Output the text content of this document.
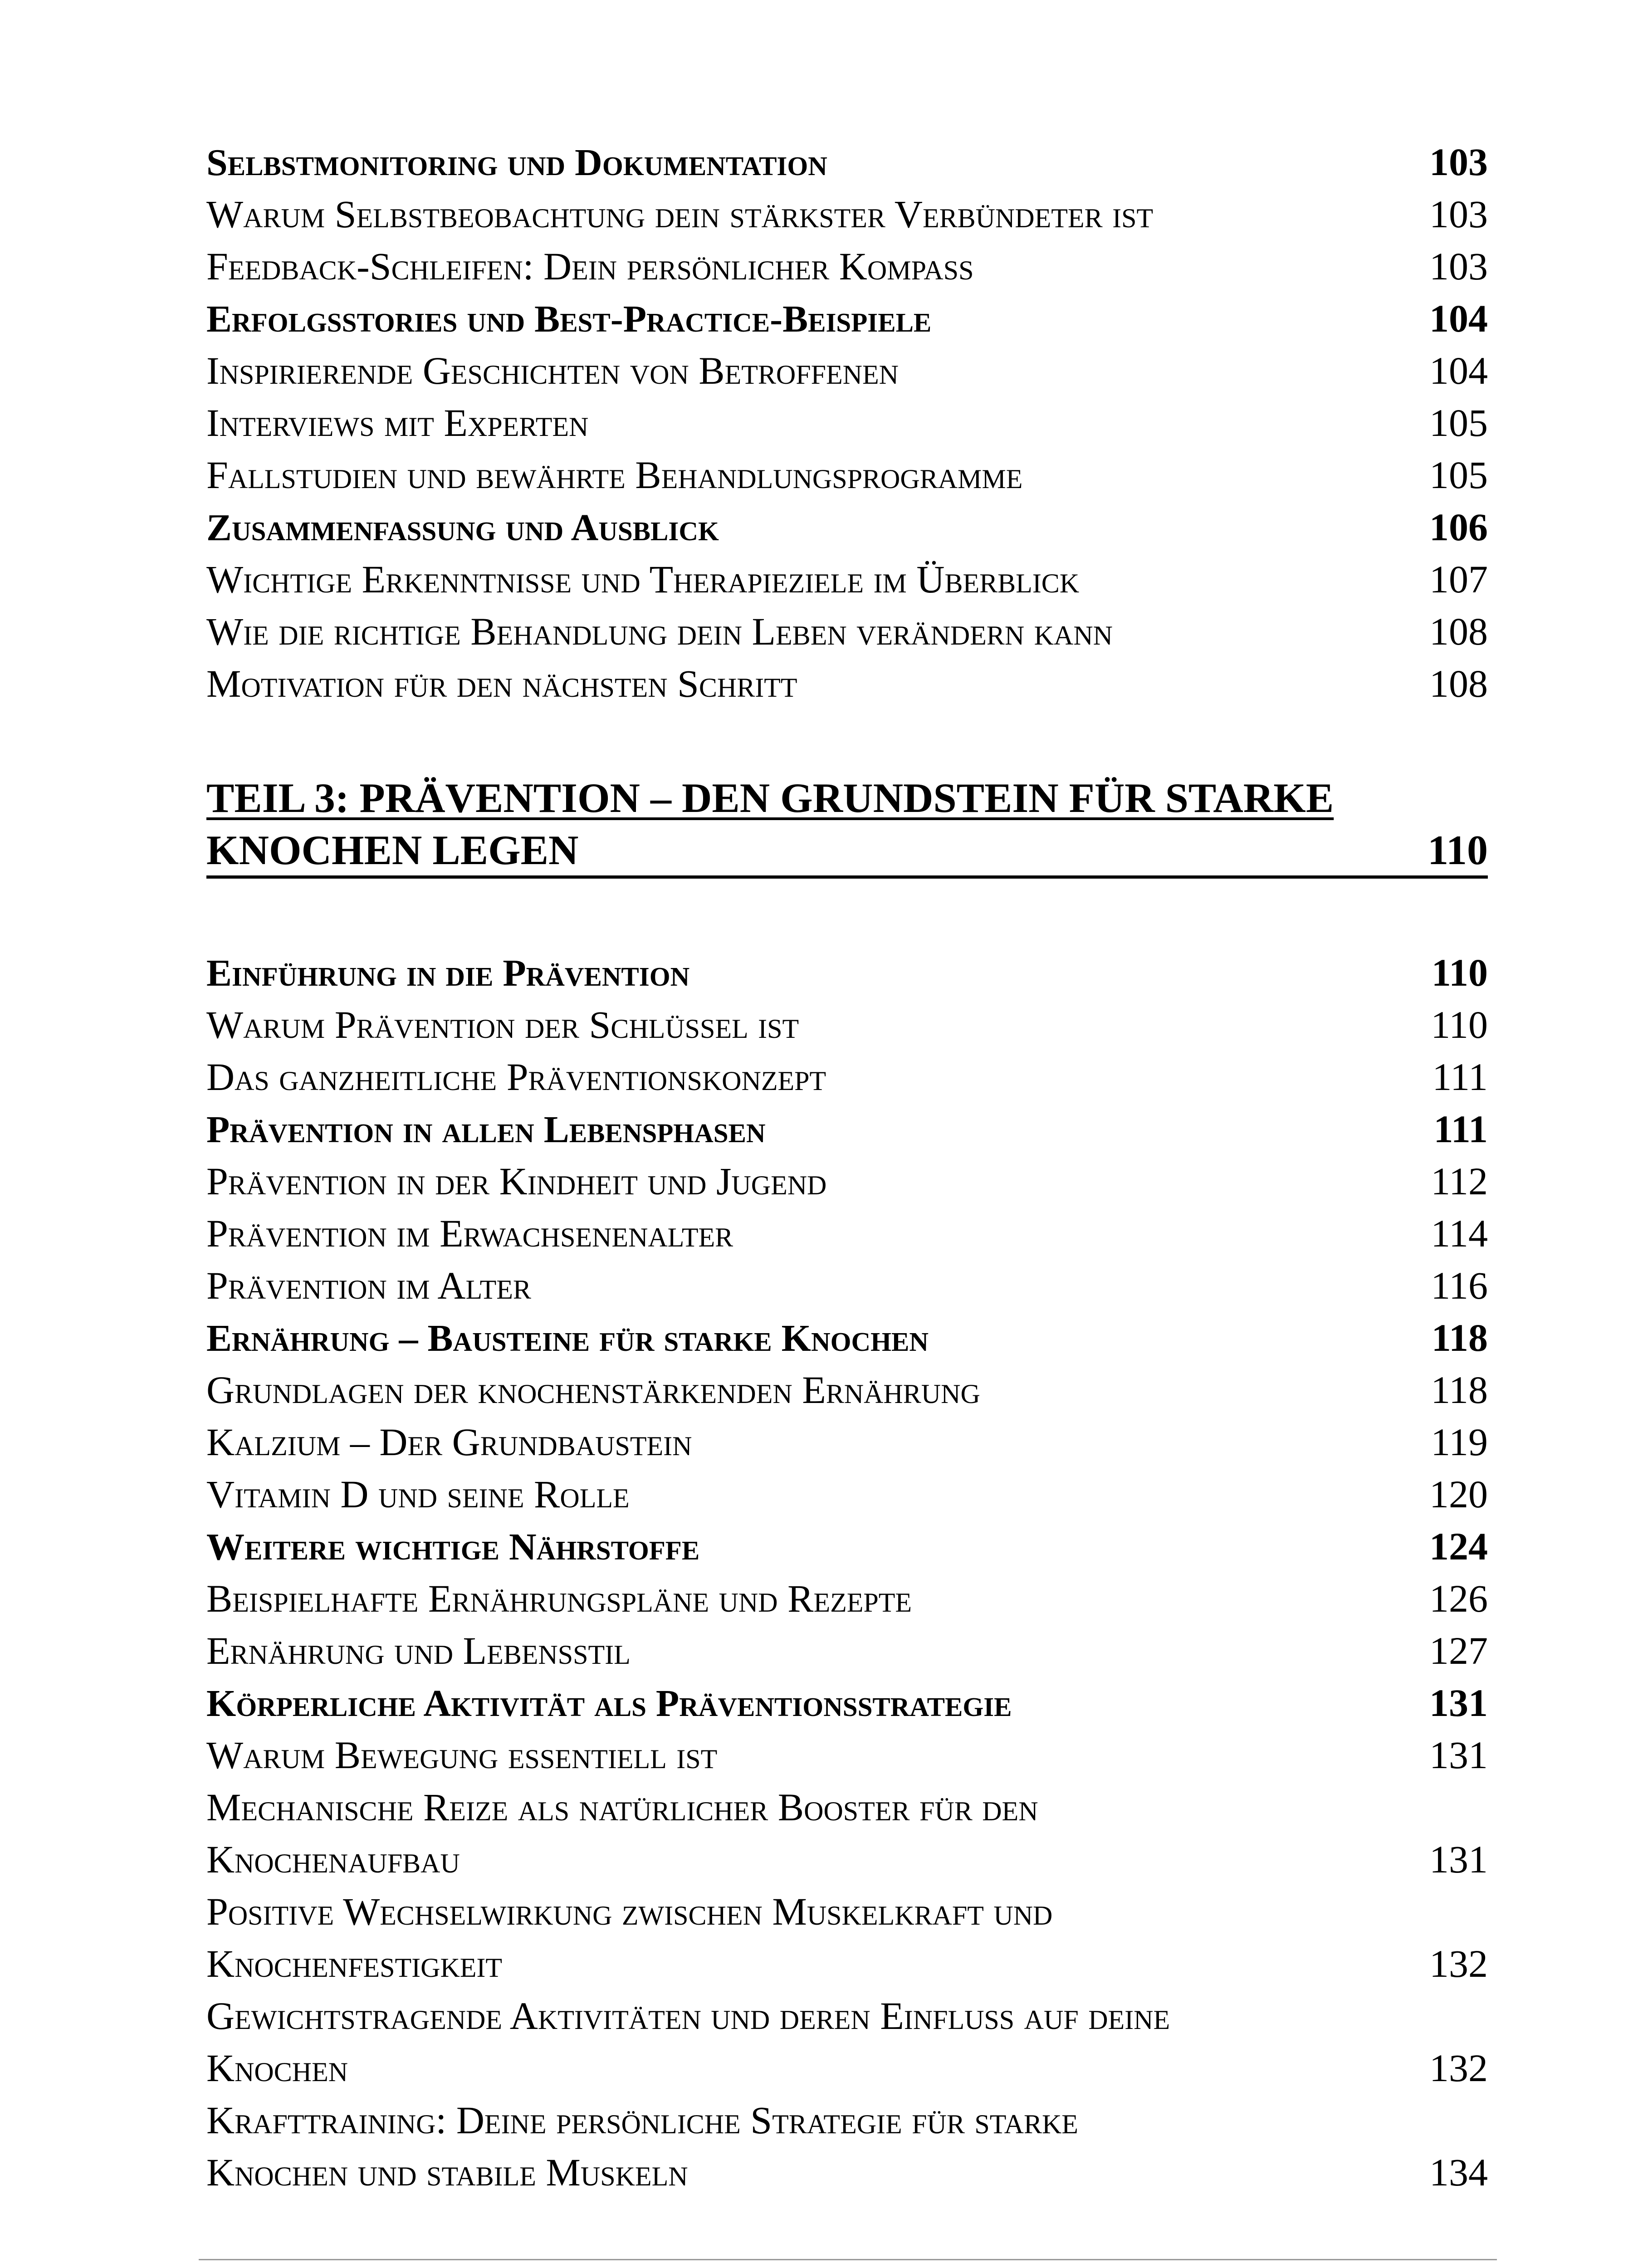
Selbstmonitoring und Dokumentation	103
Warum Selbstbeobachtung dein stärkster Verbündeter ist	103
Feedback-Schleifen: Dein persönlicher Kompass	103
Erfolgsstories und Best-Practice-Beispiele	104
Inspirierende Geschichten von Betroffenen	104
Interviews mit Experten	105
Fallstudien und bewährte Behandlungsprogramme	105
Zusammenfassung und Ausblick	106
Wichtige Erkenntnisse und Therapieziele im Überblick	107
Wie die richtige Behandlung dein Leben verändern kann	108
Motivation für den nächsten Schritt	108
TEIL 3: PRÄVENTION – DEN GRUNDSTEIN FÜR STARKE
KNOCHEN LEGEN	110
Einführung in die Prävention	110
Warum Prävention der Schlüssel ist	110
Das ganzheitliche Präventionskonzept	111
Prävention in allen Lebensphasen	111
Prävention in der Kindheit und Jugend	112
Prävention im Erwachsenenalter	114
Prävention im Alter	116
Ernährung – Bausteine für starke Knochen	118
Grundlagen der knochenstärkenden Ernährung	118
Kalzium – Der Grundbaustein	119
Vitamin D und seine Rolle	120
Weitere wichtige Nährstoffe	124
Beispielhafte Ernährungspläne und Rezepte	126
Ernährung und Lebensstil	127
Körperliche Aktivität als Präventionsstrategie	131
Warum Bewegung essentiell ist	131
Mechanische Reize als natürlicher Booster für den
Knochenaufbau	131
Positive Wechselwirkung zwischen Muskelkraft und
Knochenfestigkeit	132
Gewichtstragende Aktivitäten und deren Einfluss auf deine
Knochen	132
Krafttraining: Deine persönliche Strategie für starke
Knochen und stabile Muskeln	134
